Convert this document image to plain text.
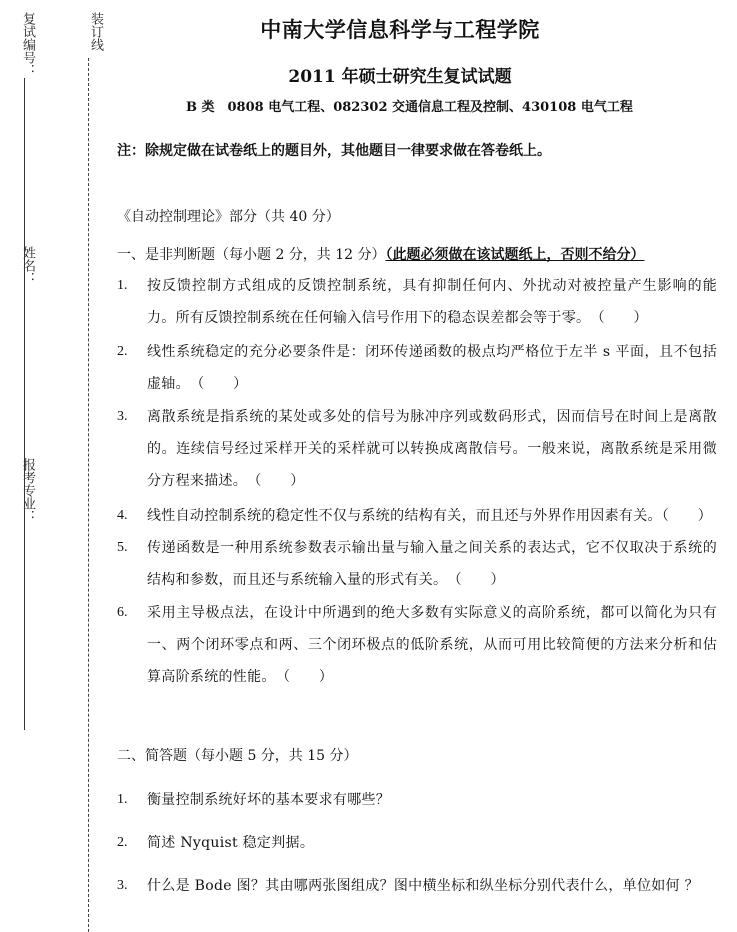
复试编号：	装订线
姓名：
报考专业：
中南大学信息科学与工程学院
2011 年硕士研究生复试试题
B 类　0808 电气工程、082302 交通信息工程及控制、430108 电气工程
注：除规定做在试卷纸上的题目外，其他题目一律要求做在答卷纸上。
《自动控制理论》部分（共 40 分）
一、是非判断题（每小题 2 分，共 12 分）（此题必须做在该试题纸上，否则不给分）
1.	按反馈控制方式组成的反馈控制系统，具有抑制任何内、外扰动对被控量产生影响的能力。所有反馈控制系统在任何输入信号作用下的稳态误差都会等于零。　（　　）
2.	线性系统稳定的充分必要条件是：闭环传递函数的极点均严格位于左半 s 平面，且不包括虚轴。　（　　）
3.	离散系统是指系统的某处或多处的信号为脉冲序列或数码形式，因而信号在时间上是离散的。连续信号经过采样开关的采样就可以转换成离散信号。一般来说，离散系统是采用微分方程来描述。　（　　）
4.	线性自动控制系统的稳定性不仅与系统的结构有关，而且还与外界作用因素有关。（　　）
5.	传递函数是一种用系统参数表示输出量与输入量之间关系的表达式，它不仅取决于系统的结构和参数，而且还与系统输入量的形式有关。　（　　）
6.	采用主导极点法，在设计中所遇到的绝大多数有实际意义的高阶系统，都可以简化为只有一、两个闭环零点和两、三个闭环极点的低阶系统，从而可用比较简便的方法来分析和估算高阶系统的性能。　（　　）
二、简答题（每小题 5 分，共 15 分）
1.	衡量控制系统好坏的基本要求有哪些？
2.	简述 Nyquist 稳定判据。
3.	什么是 Bode 图？其由哪两张图组成？图中横坐标和纵坐标分别代表什么，单位如何 ？
